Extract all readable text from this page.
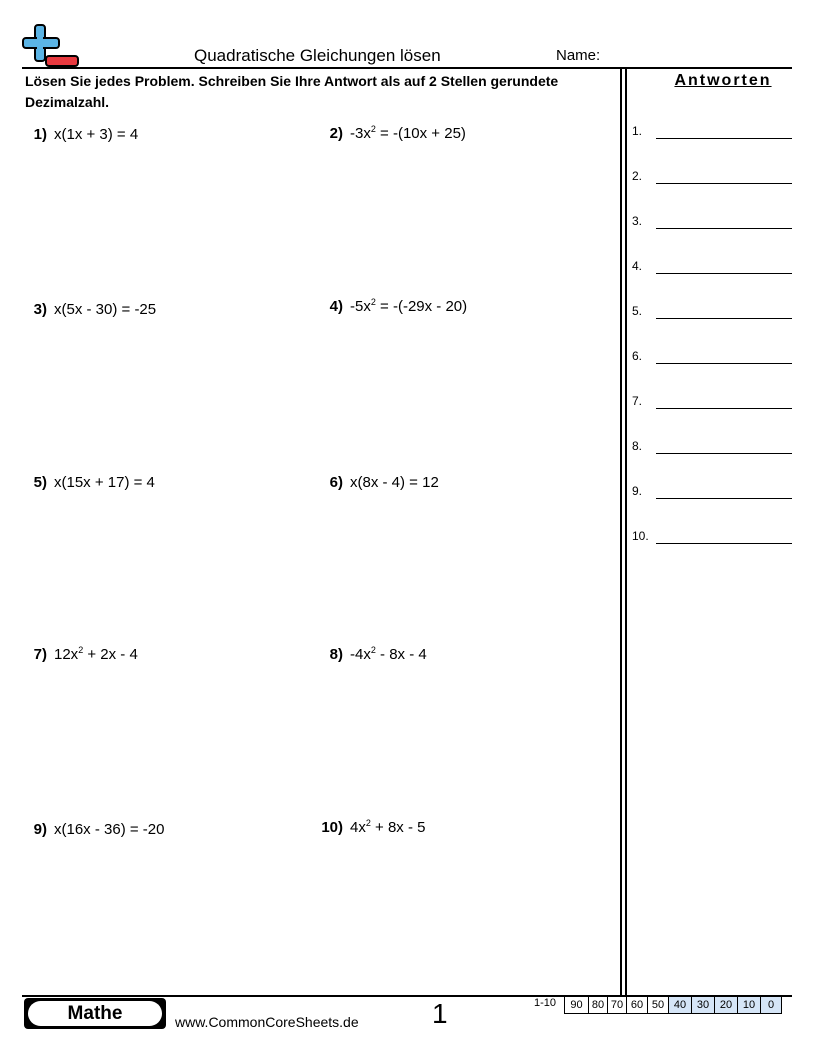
Quadratische Gleichungen lösen	Name:
Lösen Sie jedes Problem. Schreiben Sie Ihre Antwort als auf 2 Stellen gerundete Dezimalzahl.
1) x(1x + 3) = 4	2) $-3x^2 = -(10x + 25)$
3) x(5x - 30) = -25	4) $-5x^2 = -(-29x - 20)$
5) x(15x + 17) = 4	6) x(8x - 4) = 12
7) $12x^2 + 2x - 4$	8) $-4x^2 - 8x - 4$
9) x(16x - 36) = -20	10) $4x^2 + 8x - 5$
Antworten
1.
2.
3.
4.
5.
6.
7.
8.
9.
10.
Mathe	www.CommonCoreSheets.de	1	1-10 90	80	70	60	50	40	30	20	10	0
